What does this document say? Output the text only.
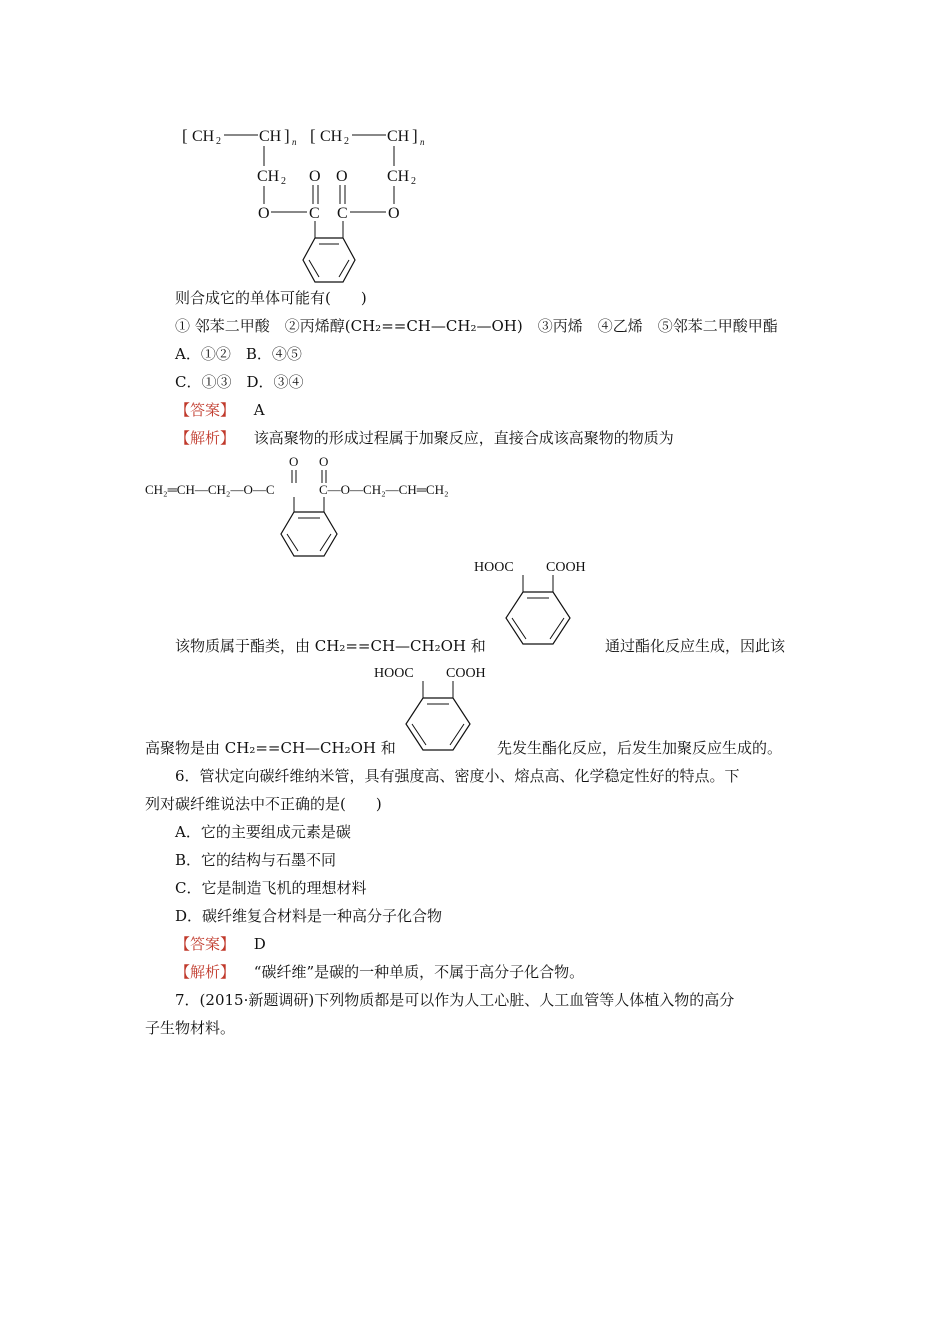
[ CH 2 CH ] n [ CH 2 CH ] n
CH 2	CH 2
O O
O C C	O
则合成它的单体可能有(　　)
① 邻苯二甲酸　②丙烯醇(CH₂==CH—CH₂—OH)　③丙烯　④乙烯　⑤邻苯二甲酸甲酯
A．①②　B．④⑤
C．①③　D．③④
【答案】 A
【解析】 该高聚物的形成过程属于加聚反应，直接合成该高聚物的物质为
CH₂═CH—CH₂—O—C	C—O—CH₂—CH═CH₂
O O
HOOC COOH
该物质属于酯类，由 CH₂==CH—CH₂OH 和	通过酯化反应生成，因此该
HOOC COOH
高聚物是由 CH₂==CH—CH₂OH 和	先发生酯化反应，后发生加聚反应生成的。
6．管状定向碳纤维纳米管，具有强度高、密度小、熔点高、化学稳定性好的特点。下
列对碳纤维说法中不正确的是(　　)
A．它的主要组成元素是碳
B．它的结构与石墨不同
C．它是制造飞机的理想材料
D．碳纤维复合材料是一种高分子化合物
【答案】 D
【解析】 “碳纤维”是碳的一种单质，不属于高分子化合物。
7．(2015·新题调研)下列物质都是可以作为人工心脏、人工血管等人体植入物的高分
子生物材料。
